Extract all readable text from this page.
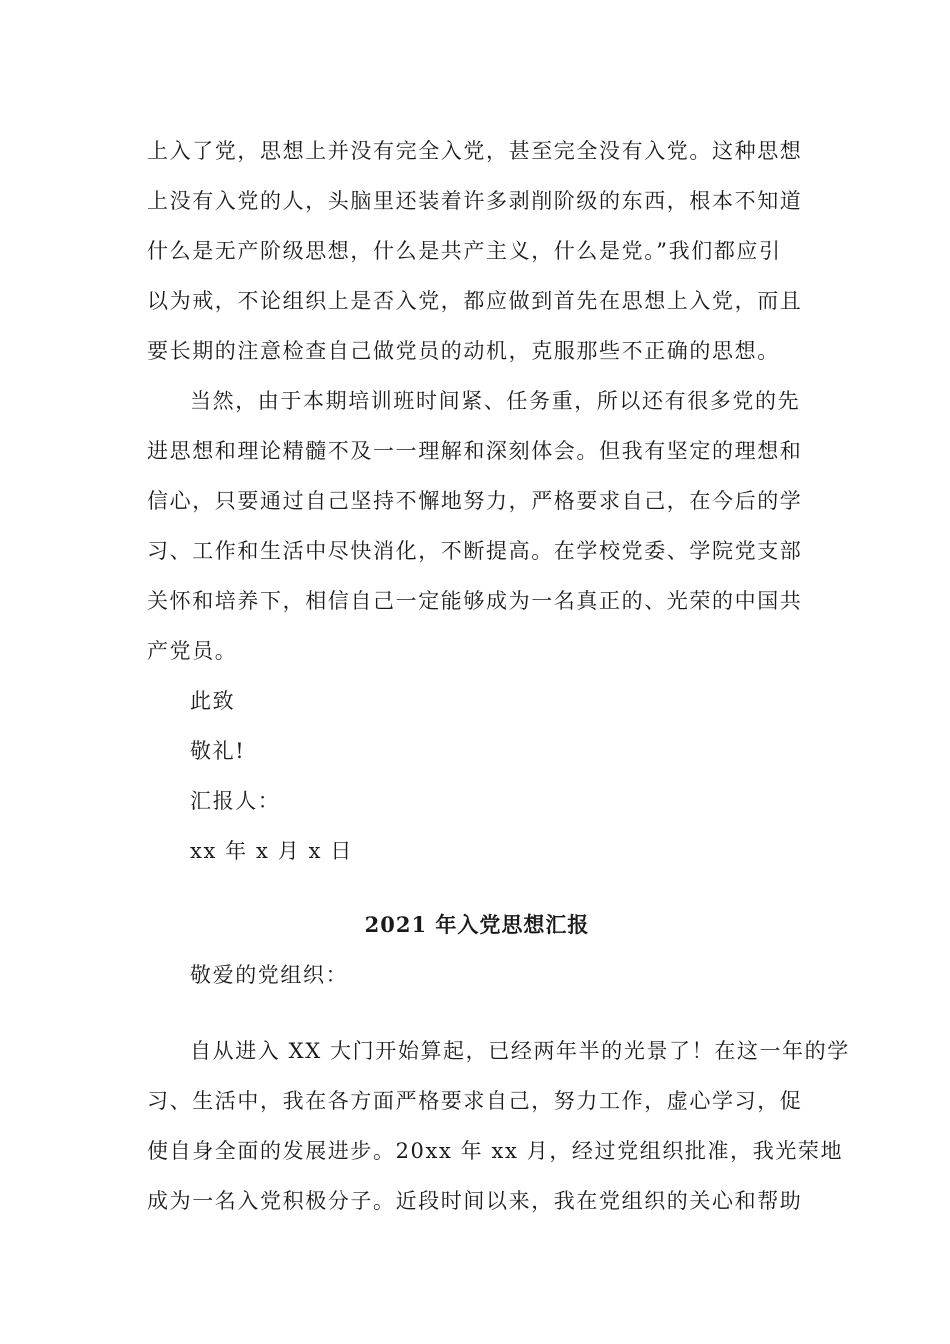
上入了党，思想上并没有完全入党，甚至完全没有入党。这种思想
上没有入党的人，头脑里还装着许多剥削阶级的东西，根本不知道
什么是无产阶级思想，什么是共产主义，什么是党。”我们都应引
以为戒，不论组织上是否入党，都应做到首先在思想上入党，而且
要长期的注意检查自己做党员的动机，克服那些不正确的思想。
当然，由于本期培训班时间紧、任务重，所以还有很多党的先
进思想和理论精髓不及一一理解和深刻体会。但我有坚定的理想和
信心，只要通过自己坚持不懈地努力，严格要求自己，在今后的学
习、工作和生活中尽快消化，不断提高。在学校党委、学院党支部
关怀和培养下，相信自己一定能够成为一名真正的、光荣的中国共
产党员。
此致
敬礼!
汇报人：
xx 年 x 月 x 日
2021 年入党思想汇报
敬爱的党组织：
自从进入 XX 大门开始算起，已经两年半的光景了！在这一年的学
习、生活中，我在各方面严格要求自己，努力工作，虚心学习，促
使自身全面的发展进步。20xx 年 xx 月，经过党组织批准，我光荣地
成为一名入党积极分子。近段时间以来，我在党组织的关心和帮助
